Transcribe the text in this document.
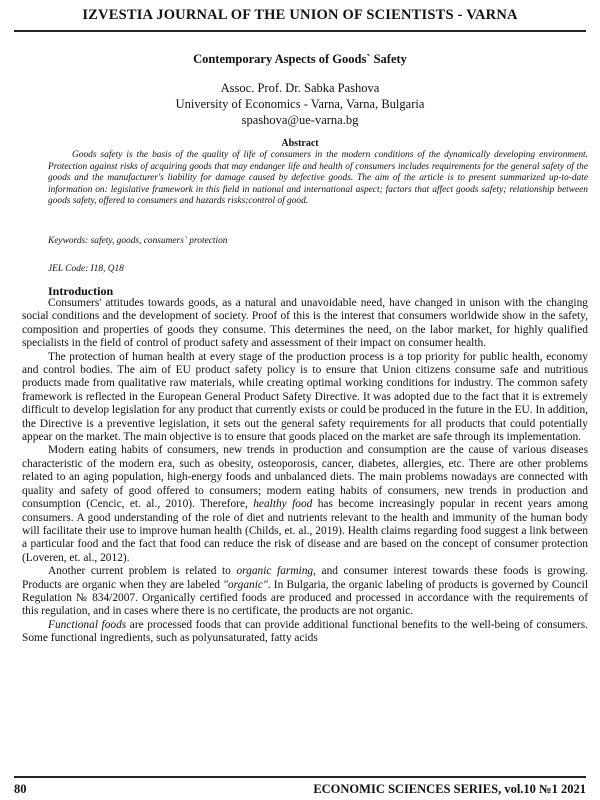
IZVESTIA JOURNAL OF THE UNION OF SCIENTISTS - VARNA
Contemporary Aspects of Goods` Safety
Assoc. Prof. Dr. Sabka Pashova
University of Economics - Varna, Varna, Bulgaria
spashova@ue-varna.bg
Abstract

Goods safety is the basis of the quality of life of consumers in the modern conditions of the dynamically developing environment. Protection against risks of acquiring goods that may endanger life and health of consumers includes requirements for the general safety of the goods and the manufacturer's liability for damage caused by defective goods. The aim of the article is to present summarized up-to-date information on: legislative framework in this field in national and international aspect; factors that affect goods safety; relationship between goods safety, offered to consumers and hazards risks;control of good.

Keywords: safety, goods, consumers` protection

JEL Code: I18, Q18

Introduction

Consumers' attitudes towards goods, as a natural and unavoidable need, have changed in unison with the changing social conditions and the development of society. Proof of this is the interest that consumers worldwide show in the safety, composition and properties of goods they consume. This determines the need, on the labor market, for highly qualified specialists in the field of control of product safety and assessment of their impact on consumer health.

The protection of human health at every stage of the production process is a top priority for public health, economy and control bodies. The aim of EU product safety policy is to ensure that Union citizens consume safe and nutritious products made from qualitative raw materials, while creating optimal working conditions for industry. The common safety framework is reflected in the European General Product Safety Directive. It was adopted due to the fact that it is extremely difficult to develop legislation for any product that currently exists or could be produced in the future in the EU. In addition, the Directive is a preventive legislation, it sets out the general safety requirements for all products that could potentially appear on the market. The main objective is to ensure that goods placed on the market are safe through its implementation.

Modern eating habits of consumers, new trends in production and consumption are the cause of various diseases characteristic of the modern era, such as obesity, osteoporosis, cancer, diabetes, allergies, etc. There are other problems related to an aging population, high-energy foods and unbalanced diets. The main problems nowadays are connected with quality and safety of good offered to consumers; modern eating habits of consumers, new trends in production and consumption (Cencic, et. al., 2010). Therefore, healthy food has become increasingly popular in recent years among consumers. A good understanding of the role of diet and nutrients relevant to the health and immunity of the human body will facilitate their use to improve human health (Childs, et. al., 2019). Health claims regarding food suggest a link between a particular food and the fact that food can reduce the risk of disease and are based on the concept of consumer protection (Loveren, et. al., 2012).

Another current problem is related to organic farming, and consumer interest towards these foods is growing. Products are organic when they are labeled "organic". In Bulgaria, the organic labeling of products is governed by Council Regulation № 834/2007. Organically certified foods are produced and processed in accordance with the requirements of this regulation, and in cases where there is no certificate, the products are not organic.

Functional foods are processed foods that can provide additional functional benefits to the well-being of consumers. Some functional ingredients, such as polyunsaturated, fatty acids

80	ECONOMIC SCIENCES SERIES, vol.10 №1 2021
